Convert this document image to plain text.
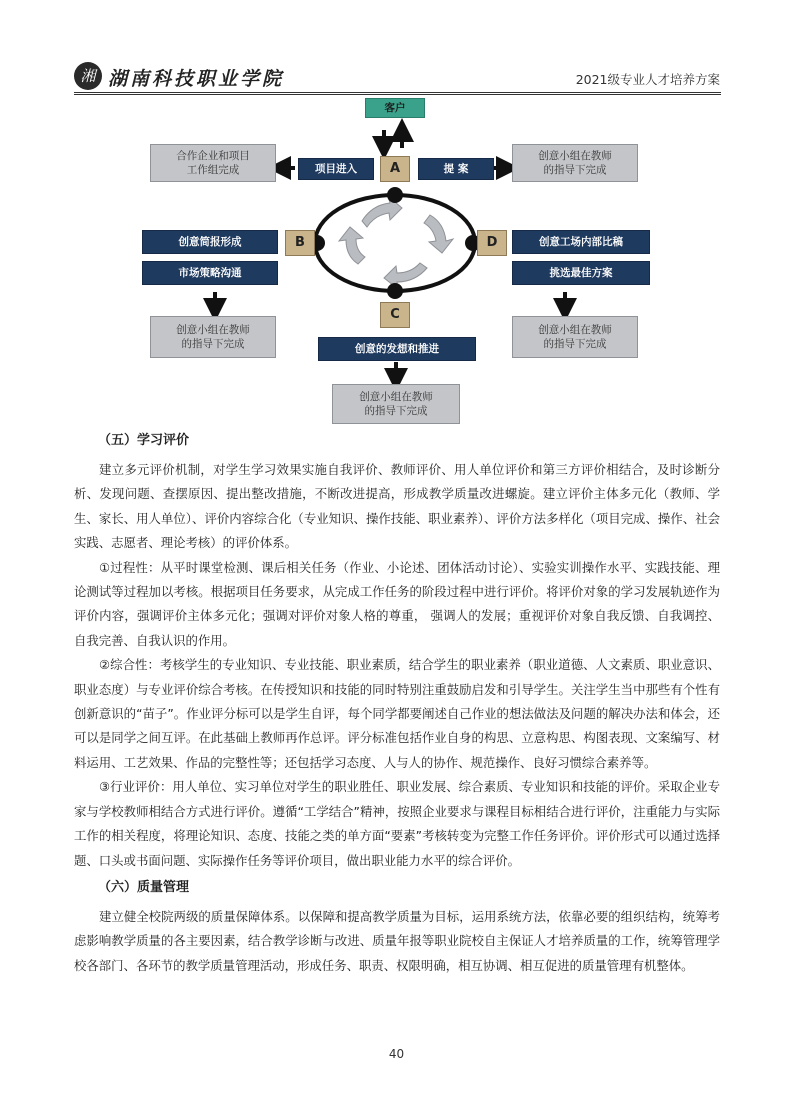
湘 湖南科技职业学院	2021级专业人才培养方案
客户
A
B
C
D
项目进入	提 案
合作企业和项目
工作组完成
创意小组在教师
的指导下完成
创意简报形成
市场策略沟通
创意小组在教师
的指导下完成
创意工场内部比稿
挑选最佳方案
创意小组在教师
的指导下完成
创意的发想和推进
创意小组在教师
的指导下完成
（五）学习评价

建立多元评价机制，对学生学习效果实施自我评价、教师评价、用人单位评价和第三方评价相结合，及时诊断分析、发现问题、查摆原因、提出整改措施，不断改进提高，形成教学质量改进螺旋。建立评价主体多元化（教师、学生、家长、用人单位）、评价内容综合化（专业知识、操作技能、职业素养）、评价方法多样化（项目完成、操作、社会实践、志愿者、理论考核）的评价体系。

①过程性：从平时课堂检测、课后相关任务（作业、小论述、团体活动讨论）、实验实训操作水平、实践技能、理论测试等过程加以考核。根据项目任务要求，从完成工作任务的阶段过程中进行评价。将评价对象的学习发展轨迹作为评价内容，强调评价主体多元化；强调对评价对象人格的尊重， 强调人的发展；重视评价对象自我反馈、自我调控、自我完善、自我认识的作用。

②综合性：考核学生的专业知识、专业技能、职业素质，结合学生的职业素养（职业道德、人文素质、职业意识、职业态度）与专业评价综合考核。在传授知识和技能的同时特别注重鼓励启发和引导学生。关注学生当中那些有个性有创新意识的“苗子”。作业评分标可以是学生自评，每个同学都要阐述自己作业的想法做法及问题的解决办法和体会，还可以是同学之间互评。在此基础上教师再作总评。评分标准包括作业自身的构思、立意构思、构图表现、文案编写、材料运用、工艺效果、作品的完整性等；还包括学习态度、人与人的协作、规范操作、良好习惯综合素养等。

③行业评价：用人单位、实习单位对学生的职业胜任、职业发展、综合素质、专业知识和技能的评价。采取企业专家与学校教师相结合方式进行评价。遵循“工学结合”精神，按照企业要求与课程目标相结合进行评价，注重能力与实际工作的相关程度，将理论知识、态度、技能之类的单方面“要素”考核转变为完整工作任务评价。评价形式可以通过选择题、口头或书面问题、实际操作任务等评价项目，做出职业能力水平的综合评价。

（六）质量管理

建立健全校院两级的质量保障体系。以保障和提高教学质量为目标，运用系统方法，依靠必要的组织结构，统筹考虑影响教学质量的各主要因素，结合教学诊断与改进、质量年报等职业院校自主保证人才培养质量的工作，统筹管理学校各部门、各环节的教学质量管理活动，形成任务、职责、权限明确，相互协调、相互促进的质量管理有机整体。

40
